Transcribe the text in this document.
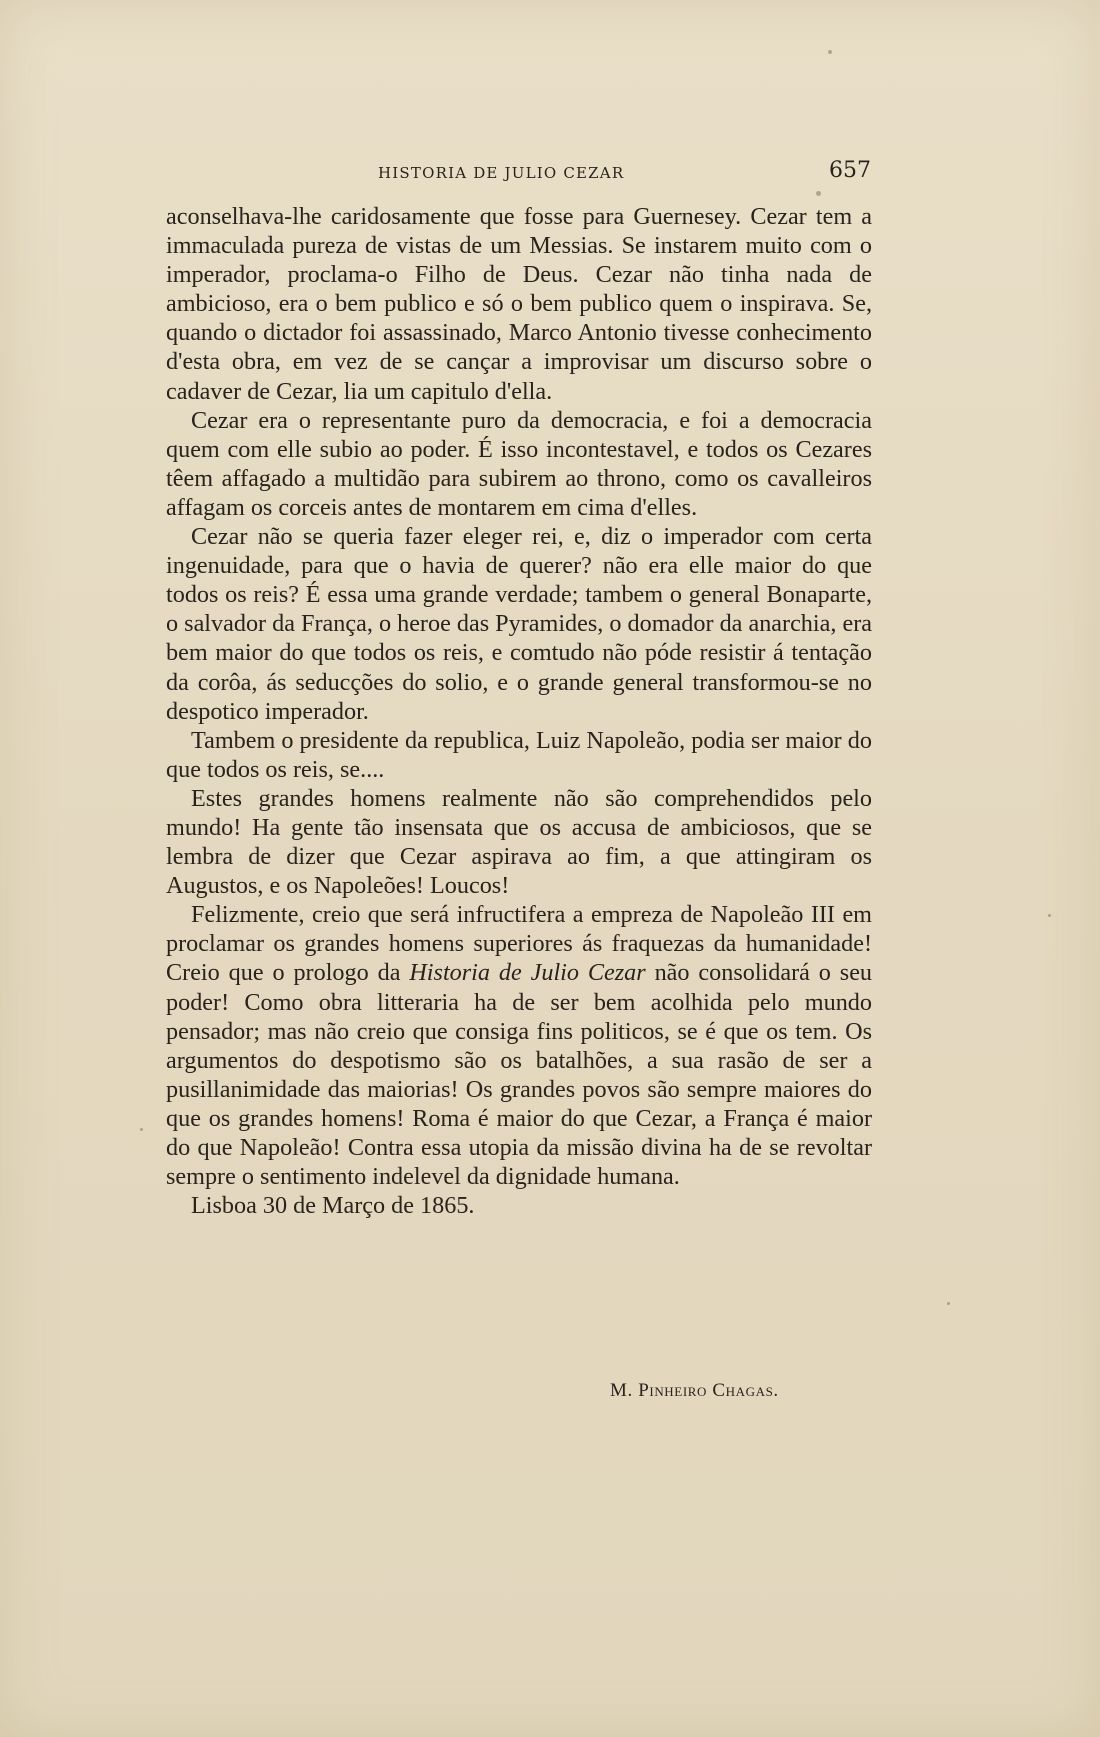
HISTORIA DE JULIO CEZAR	657

aconselhava-lhe caridosamente que fosse para Guernesey. Cezar tem a immaculada pureza de vistas de um Messias. Se instarem muito com o imperador, proclama-o Filho de Deus. Cezar não tinha nada de ambicioso, era o bem publico e só o bem publico quem o inspirava. Se, quando o dictador foi assassinado, Marco Antonio tivesse conhecimento d'esta obra, em vez de se cançar a improvisar um discurso sobre o cadaver de Cezar, lia um capitulo d'ella.

Cezar era o representante puro da democracia, e foi a democracia quem com elle subio ao poder. É isso incontestavel, e todos os Cezares têem affagado a multidão para subirem ao throno, como os cavalleiros affagam os corceis antes de montarem em cima d'elles.

Cezar não se queria fazer eleger rei, e, diz o imperador com certa ingenuidade, para que o havia de querer? não era elle maior do que todos os reis? É essa uma grande verdade; tambem o general Bonaparte, o salvador da França, o heroe das Pyramides, o domador da anarchia, era bem maior do que todos os reis, e comtudo não póde resistir á tentação da corôa, ás seducções do solio, e o grande general transformou-se no despotico imperador.

Tambem o presidente da republica, Luiz Napoleão, podia ser maior do que todos os reis, se....

Estes grandes homens realmente não são comprehendidos pelo mundo! Ha gente tão insensata que os accusa de ambiciosos, que se lembra de dizer que Cezar aspirava ao fim, a que attingiram os Augustos, e os Napoleões! Loucos!

Felizmente, creio que será infructifera a empreza de Napoleão III em proclamar os grandes homens superiores ás fraquezas da humanidade! Creio que o prologo da Historia de Julio Cezar não consolidará o seu poder! Como obra litteraria ha de ser bem acolhida pelo mundo pensador; mas não creio que consiga fins politicos, se é que os tem. Os argumentos do despotismo são os batalhões, a sua rasão de ser a pusillanimidade das maiorias! Os grandes povos são sempre maiores do que os grandes homens! Roma é maior do que Cezar, a França é maior do que Napoleão! Contra essa utopia da missão divina ha de se revoltar sempre o sentimento indelevel da dignidade humana.

Lisboa 30 de Março de 1865.

M. Pinheiro Chagas.
